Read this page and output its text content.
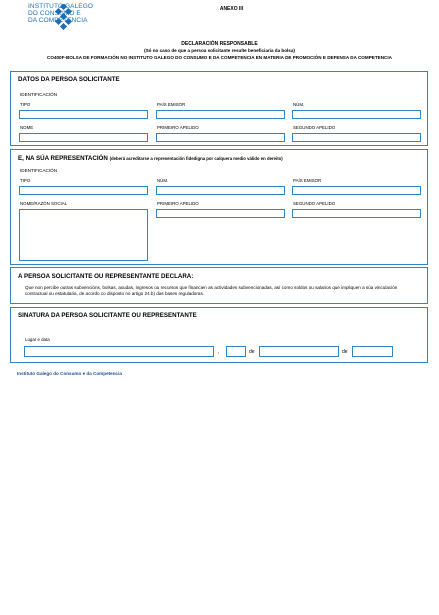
INSTITUTO GALEGO
DO CONSUMO E
DA COMPETENCIA
ANEXO III
DECLARACIÓN RESPONSABLE
(Só no caso de que a persoa solicitante resulte beneficiaria da bolsa)
CO400F-BOLSA DE FORMACIÓN NO INSTITUTO GALEGO DO CONSUMO E DA COMPETENCIA EN MATERIA DE PROMOCIÓN E DEFENSA DA COMPETENCIA
DATOS DA PERSOA SOLICITANTE
IDENTIFICACIÓN
TIPO	PAÍS EMISOR	NÚM.
NOME	PRIMEIRO APELIDO	SEGUNDO APELIDO
E, NA SÚA REPRESENTACIÓN (deberá acreditarse a representación fidedigna por calquera medio válido en dereito)
IDENTIFICACIÓN
TIPO	NÚM.	PAÍS EMISOR
NOME/RAZÓN SOCIAL	PRIMEIRO APELIDO	SEGUNDO APELIDO
A PERSOA SOLICITANTE OU REPRESENTANTE DECLARA:
Que non percibe outras subvencións, bolsas, axudas, ingresos ou recursos que financien as actividades subvencionadas, así como soldos ou salarios que impliquen a súa vinculación contractual ou estatutaria, de acordo co disposto no artigo 24.b) das bases reguladoras.
SINATURA DA PERSOA SOLICITANTE OU REPRESENTANTE
Lugar e data
,	de	de
Instituto Galego do Consumo e da Competencia
